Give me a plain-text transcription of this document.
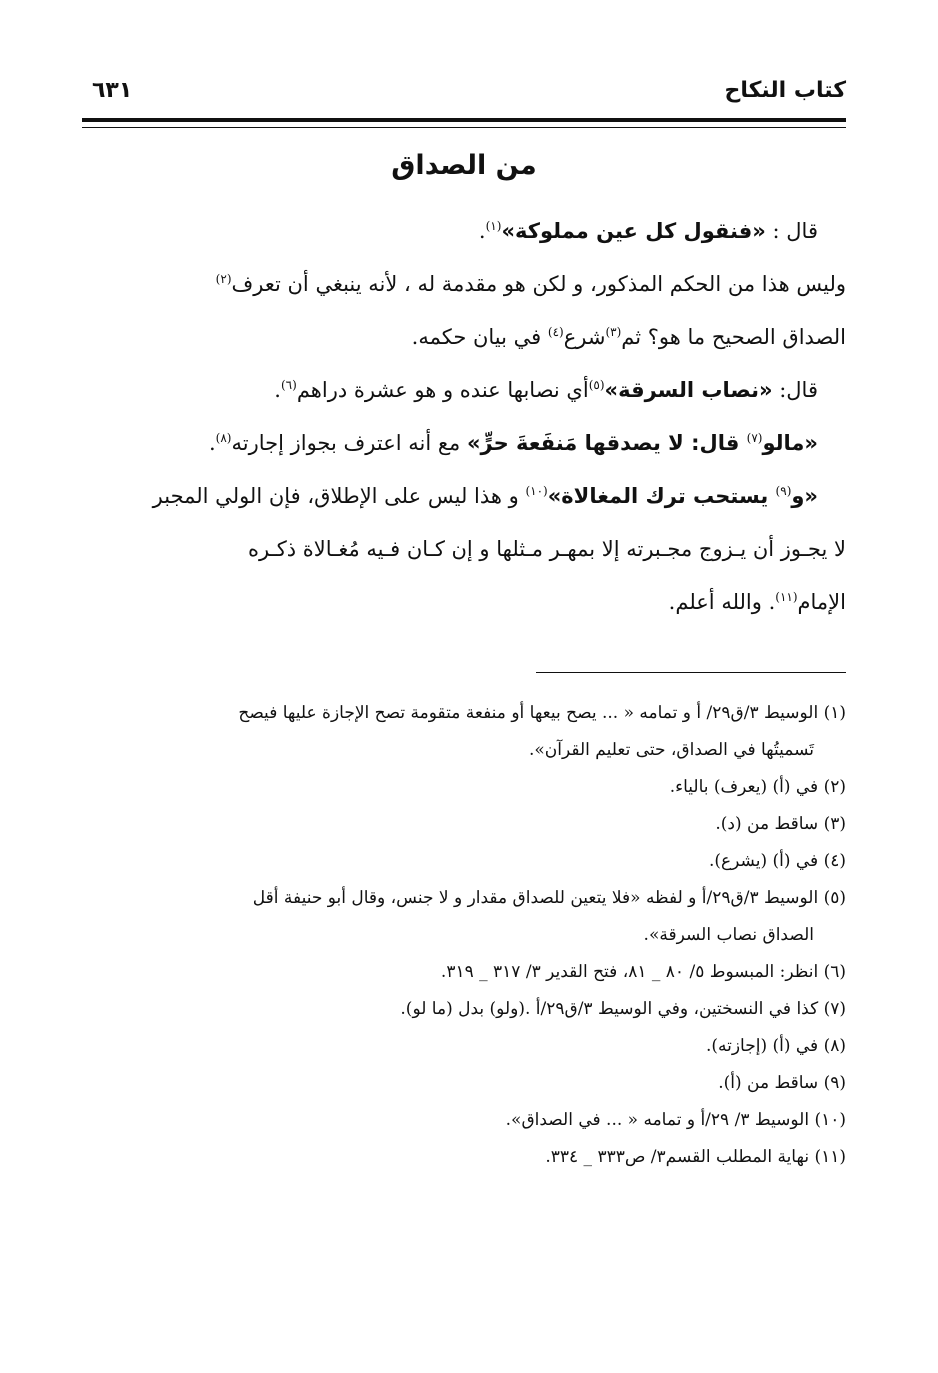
كتاب النكاح
٦٣١
من الصداق
قال : «فنقول كل عين مملوكة»$^{(١)}$.
وليس هذا من الحكم المذكور، و لكن هو مقدمة له ، لأنه ينبغي أن تعرف$^{(٢)}$
الصداق الصحيح ما هو؟ ثم$^{(٣)}$شرع$^{(٤)}$ في بيان حكمه.
قال: «نصاب السرقة»$^{(٥)}$أي نصابها عنده و هو عشرة دراهم$^{(٦)}$.
«مالو$^{(٧)}$ قال: لا يصدقها مَنفَعةَ حرٍّ» مع أنه اعترف بجواز إجارته$^{(٨)}$.
«و$^{(٩)}$ يستحب ترك المغالاة»$^{(١٠)}$ و هذا ليس على الإطلاق، فإن الولي المجبر
لا يجـوز أن يـزوج مجـبرته إلا بمهـر مـثلها و إن كـان فـيه مُغـالاة ذكـره
الإمام$^{(١١)}$. والله أعلم.
(١) الوسيط ٣/ق٢٩/ أ و تمامه « ... يصح بيعها أو منفعة متقومة تصح الإجازة عليها فيصح
تَسميتُها في الصداق، حتى تعليم القرآن».
(٢) في (أ) (يعرف) بالياء.
(٣) ساقط من (د).
(٤) في (أ) (يشرع).
(٥) الوسيط ٣/ق٢٩/أ و لفظه «فلا يتعين للصداق مقدار و لا جنس، وقال أبو حنيفة أقل
الصداق نصاب السرقة».
(٦) انظر: المبسوط ٥/ ٨٠ _ ٨١، فتح القدير ٣/ ٣١٧ _ ٣١٩.
(٧) كذا في النسختين، وفي الوسيط ٣/ق٢٩/أ .(ولو) بدل (ما لو).
(٨) في (أ) (إجازته).
(٩) ساقط من (أ).
(١٠) الوسيط ٣/ ٢٩/أ و تمامه « ... في الصداق».
(١١) نهاية المطلب القسم٣/ ص٣٣٣ _ ٣٣٤.
